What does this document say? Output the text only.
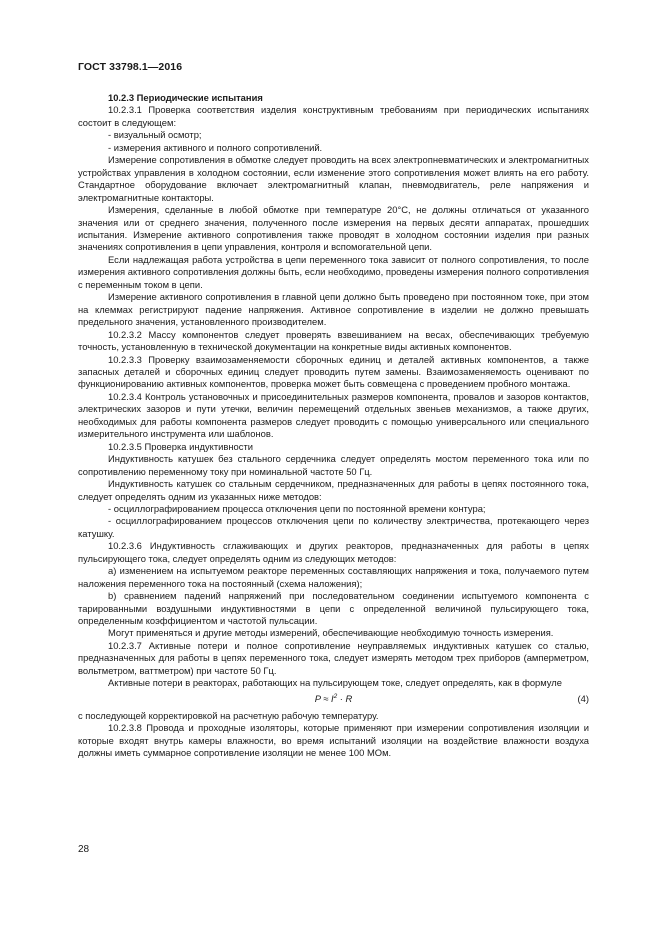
ГОСТ 33798.1—2016

10.2.3 Периодические испытания

10.2.3.1 Проверка соответствия изделия конструктивным требованиям при периодических испытаниях состоит в следующем:

- визуальный осмотр;

- измерения активного и полного сопротивлений.

Измерение сопротивления в обмотке следует проводить на всех электропневматических и электромагнитных устройствах управления в холодном состоянии, если изменение этого сопротивления может влиять на его работу. Стандартное оборудование включает электромагнитный клапан, пневмодвигатель, реле напряжения и электромагнитные контакторы.

Измерения, сделанные в любой обмотке при температуре 20°С, не должны отличаться от указанного значения или от среднего значения, полученного после измерения на первых десяти аппаратах, прошедших испытания. Измерение активного сопротивления также проводят в холодном состоянии изделия при разных значениях сопротивления в цепи управления, контроля и вспомогательной цепи.

Если надлежащая работа устройства в цепи переменного тока зависит от полного сопротивления, то после измерения активного сопротивления должны быть, если необходимо, проведены измерения полного сопротивления с переменным током в цепи.

Измерение активного сопротивления в главной цепи должно быть проведено при постоянном токе, при этом на клеммах регистрируют падение напряжения. Активное сопротивление в изделии не должно превышать предельного значения, установленного производителем.

10.2.3.2 Массу компонентов следует проверять взвешиванием на весах, обеспечивающих требуемую точность, установленную в технической документации на конкретные виды активных компонентов.

10.2.3.3 Проверку взаимозаменяемости сборочных единиц и деталей активных компонентов, а также запасных деталей и сборочных единиц следует проводить путем замены. Взаимозаменяемость оценивают по функционированию активных компонентов, проверка может быть совмещена с проведением пробного монтажа.

10.2.3.4 Контроль установочных и присоединительных размеров компонента, провалов и зазоров контактов, электрических зазоров и пути утечки, величин перемещений отдельных звеньев механизмов, а также других, необходимых для работы компонента размеров следует проводить с помощью универсального или специального измерительного инструмента или шаблонов.

10.2.3.5 Проверка индуктивности

Индуктивность катушек без стального сердечника следует определять мостом переменного тока или по сопротивлению переменному току при номинальной частоте 50 Гц.

Индуктивность катушек со стальным сердечником, предназначенных для работы в цепях постоянного тока, следует определять одним из указанных ниже методов:

- осциллографированием процесса отключения цепи по постоянной времени контура;

- осциллографированием процессов отключения цепи по количеству электричества, протекающего через катушку.

10.2.3.6 Индуктивность сглаживающих и других реакторов, предназначенных для работы в цепях пульсирующего тока, следует определять одним из следующих методов:

a) изменением на испытуемом реакторе переменных составляющих напряжения и тока, получаемого путем наложения переменного тока на постоянный (схема наложения);

b) сравнением падений напряжений при последовательном соединении испытуемого компонента с тарированными воздушными индуктивностями в цепи с определенной величиной пульсирующего тока, определенным коэффициентом и частотой пульсации.

Могут применяться и другие методы измерений, обеспечивающие необходимую точность измерения.

10.2.3.7 Активные потери и полное сопротивление неуправляемых индуктивных катушек со сталью, предназначенных для работы в цепях переменного тока, следует измерять методом трех приборов (амперметром, вольтметром, ваттметром) при частоте 50 Гц.

Активные потери в реакторах, работающих на пульсирующем токе, следует определять, как в формуле

$P \approx I^2 \cdot R$	(4)

с последующей корректировкой на расчетную рабочую температуру.

10.2.3.8 Провода и проходные изоляторы, которые применяют при измерении сопротивления изоляции и которые входят внутрь камеры влажности, во время испытаний изоляции на воздействие влажности воздуха должны иметь суммарное сопротивление изоляции не менее 100 МОм.

28
